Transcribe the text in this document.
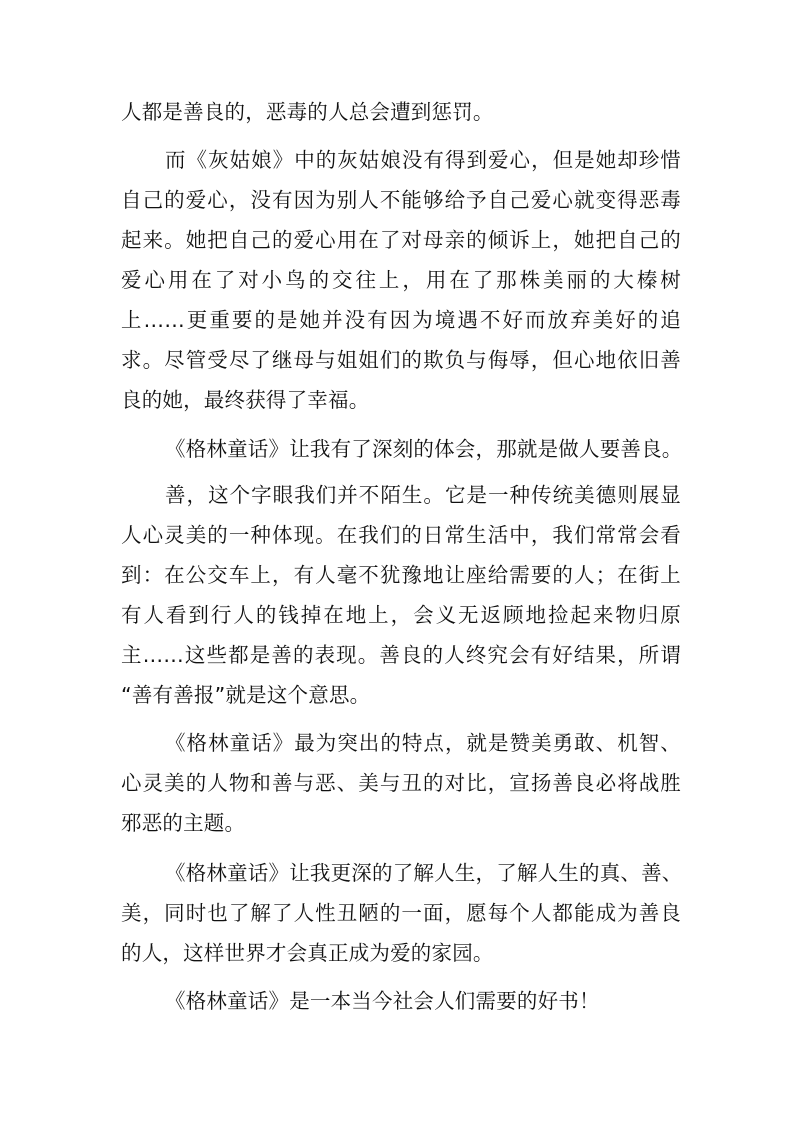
人都是善良的，恶毒的人总会遭到惩罚。
而《灰姑娘》中的灰姑娘没有得到爱心，但是她却珍惜
自己的爱心，没有因为别人不能够给予自己爱心就变得恶毒
起来。她把自己的爱心用在了对母亲的倾诉上，她把自己的
爱心用在了对小鸟的交往上，用在了那株美丽的大榛树
上……更重要的是她并没有因为境遇不好而放弃美好的追
求。尽管受尽了继母与姐姐们的欺负与侮辱，但心地依旧善
良的她，最终获得了幸福。
《格林童话》让我有了深刻的体会，那就是做人要善良。
善，这个字眼我们并不陌生。它是一种传统美德则展显
人心灵美的一种体现。在我们的日常生活中，我们常常会看
到：在公交车上，有人毫不犹豫地让座给需要的人；在街上
有人看到行人的钱掉在地上，会义无返顾地捡起来物归原
主……这些都是善的表现。善良的人终究会有好结果，所谓
“善有善报”就是这个意思。
《格林童话》最为突出的特点，就是赞美勇敢、机智、
心灵美的人物和善与恶、美与丑的对比，宣扬善良必将战胜
邪恶的主题。
《格林童话》让我更深的了解人生，了解人生的真、善、
美，同时也了解了人性丑陋的一面，愿每个人都能成为善良
的人，这样世界才会真正成为爱的家园。
《格林童话》是一本当今社会人们需要的好书！
